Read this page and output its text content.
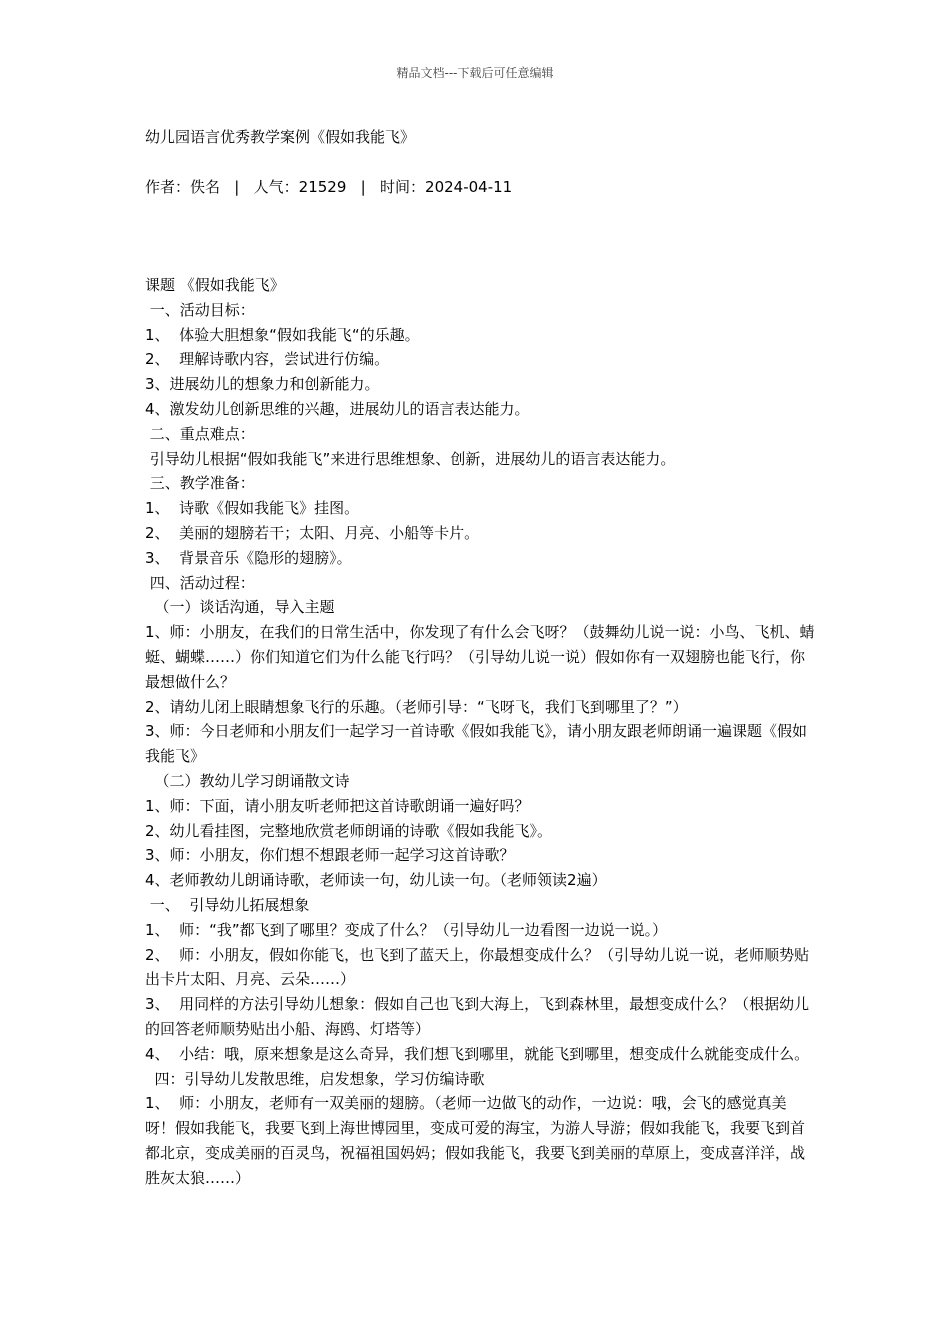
精品文档---下载后可任意编辑
幼儿园语言优秀教学案例《假如我能飞》
作者：佚名   |   人气：21529   |   时间：2024-04-11

课题 《假如我能飞》

一、活动目标：

1、  体验大胆想象“假如我能飞“的乐趣。

2、  理解诗歌内容，尝试进行仿编。

3、进展幼儿的想象力和创新能力。

4、激发幼儿创新思维的兴趣，进展幼儿的语言表达能力。

二、重点难点：

引导幼儿根据“假如我能飞”来进行思维想象、创新，进展幼儿的语言表达能力。

三、教学准备：

1、  诗歌《假如我能飞》挂图。

2、  美丽的翅膀若干；太阳、月亮、小船等卡片。

3、  背景音乐《隐形的翅膀》。

四、活动过程：

（一）谈话沟通，导入主题

1、师：小朋友，在我们的日常生活中，你发现了有什么会飞呀？（鼓舞幼儿说一说：小鸟、飞机、蜻蜓、蝴蝶……）你们知道它们为什么能飞行吗？（引导幼儿说一说）假如你有一双翅膀也能飞行，你最想做什么？

2、请幼儿闭上眼睛想象飞行的乐趣。（老师引导：“飞呀飞，我们飞到哪里了？”）

3、师：今日老师和小朋友们一起学习一首诗歌《假如我能飞》，请小朋友跟老师朗诵一遍课题《假如我能飞》

（二）教幼儿学习朗诵散文诗

1、师：下面，请小朋友听老师把这首诗歌朗诵一遍好吗？

2、幼儿看挂图，完整地欣赏老师朗诵的诗歌《假如我能飞》。

3、师：小朋友，你们想不想跟老师一起学习这首诗歌？

4、老师教幼儿朗诵诗歌，老师读一句，幼儿读一句。（老师领读2遍）

一、  引导幼儿拓展想象

1、  师：“我”都飞到了哪里？变成了什么？（引导幼儿一边看图一边说一说。）

2、  师：小朋友，假如你能飞，也飞到了蓝天上，你最想变成什么？（引导幼儿说一说，老师顺势贴出卡片太阳、月亮、云朵……）

3、  用同样的方法引导幼儿想象：假如自己也飞到大海上，飞到森林里，最想变成什么？（根据幼儿的回答老师顺势贴出小船、海鸥、灯塔等）

4、  小结：哦，原来想象是这么奇异，我们想飞到哪里，就能飞到哪里，想变成什么就能变成什么。

四：引导幼儿发散思维，启发想象，学习仿编诗歌

1、  师：小朋友，老师有一双美丽的翅膀。（老师一边做飞的动作，一边说：哦，会飞的感觉真美呀！假如我能飞，我要飞到上海世博园里，变成可爱的海宝，为游人导游；假如我能飞，我要飞到首都北京，变成美丽的百灵鸟，祝福祖国妈妈；假如我能飞，我要飞到美丽的草原上，变成喜洋洋，战胜灰太狼……）
